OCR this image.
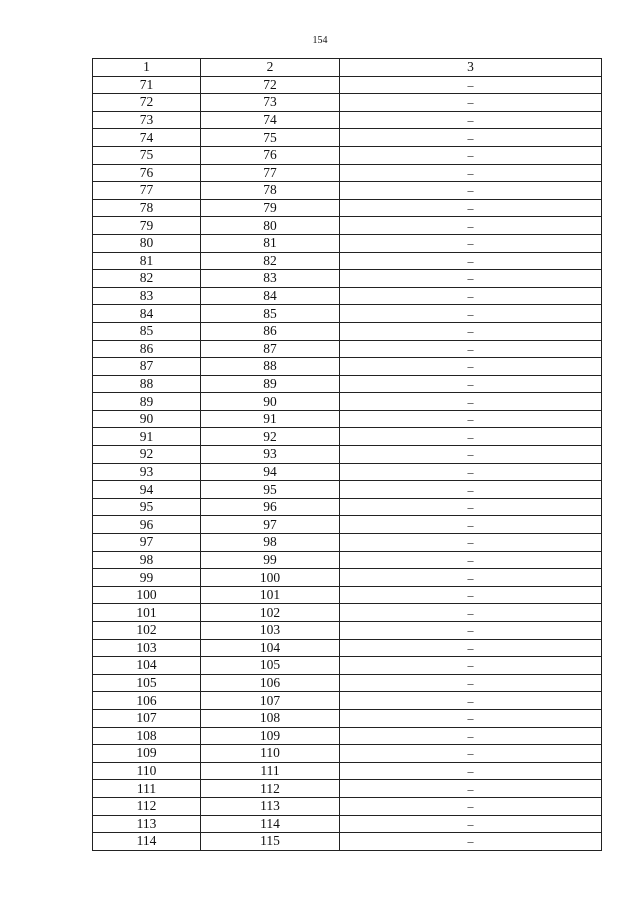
154
1	2	3
71	72	–
72	73	–
73	74	–
74	75	–
75	76	–
76	77	–
77	78	–
78	79	–
79	80	–
80	81	–
81	82	–
82	83	–
83	84	–
84	85	–
85	86	–
86	87	–
87	88	–
88	89	–
89	90	–
90	91	–
91	92	–
92	93	–
93	94	–
94	95	–
95	96	–
96	97	–
97	98	–
98	99	–
99	100	–
100	101	–
101	102	–
102	103	–
103	104	–
104	105	–
105	106	–
106	107	–
107	108	–
108	109	–
109	110	–
110	111	–
111	112	–
112	113	–
113	114	–
114	115	–
